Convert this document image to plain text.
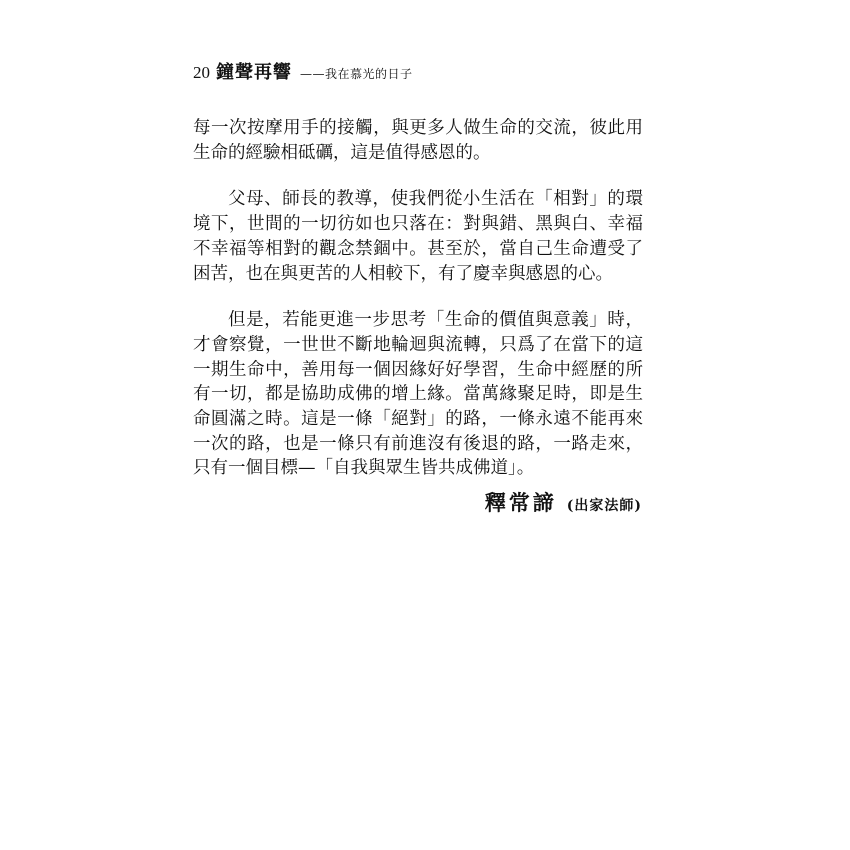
20 鐘聲再響 ——我在慕光的日子

每一次按摩用手的接觸，與更多人做生命的交流，彼此用生命的經驗相砥礪，這是值得感恩的。

父母、師長的教導，使我們從小生活在「相對」的環境下，世間的一切彷如也只落在：對與錯、黑與白、幸福不幸福等相對的觀念禁錮中。甚至於，當自己生命遭受了困苦，也在與更苦的人相較下，有了慶幸與感恩的心。

但是，若能更進一步思考「生命的價值與意義」時，才會察覺，一世世不斷地輪迴與流轉，只爲了在當下的這一期生命中，善用每一個因緣好好學習，生命中經歷的所有一切，都是協助成佛的增上緣。當萬緣聚足時，即是生命圓滿之時。這是一條「絕對」的路，一條永遠不能再來一次的路，也是一條只有前進沒有後退的路，一路走來，只有一個目標—「自我與眾生皆共成佛道」。

釋常諦 (出家法師)
